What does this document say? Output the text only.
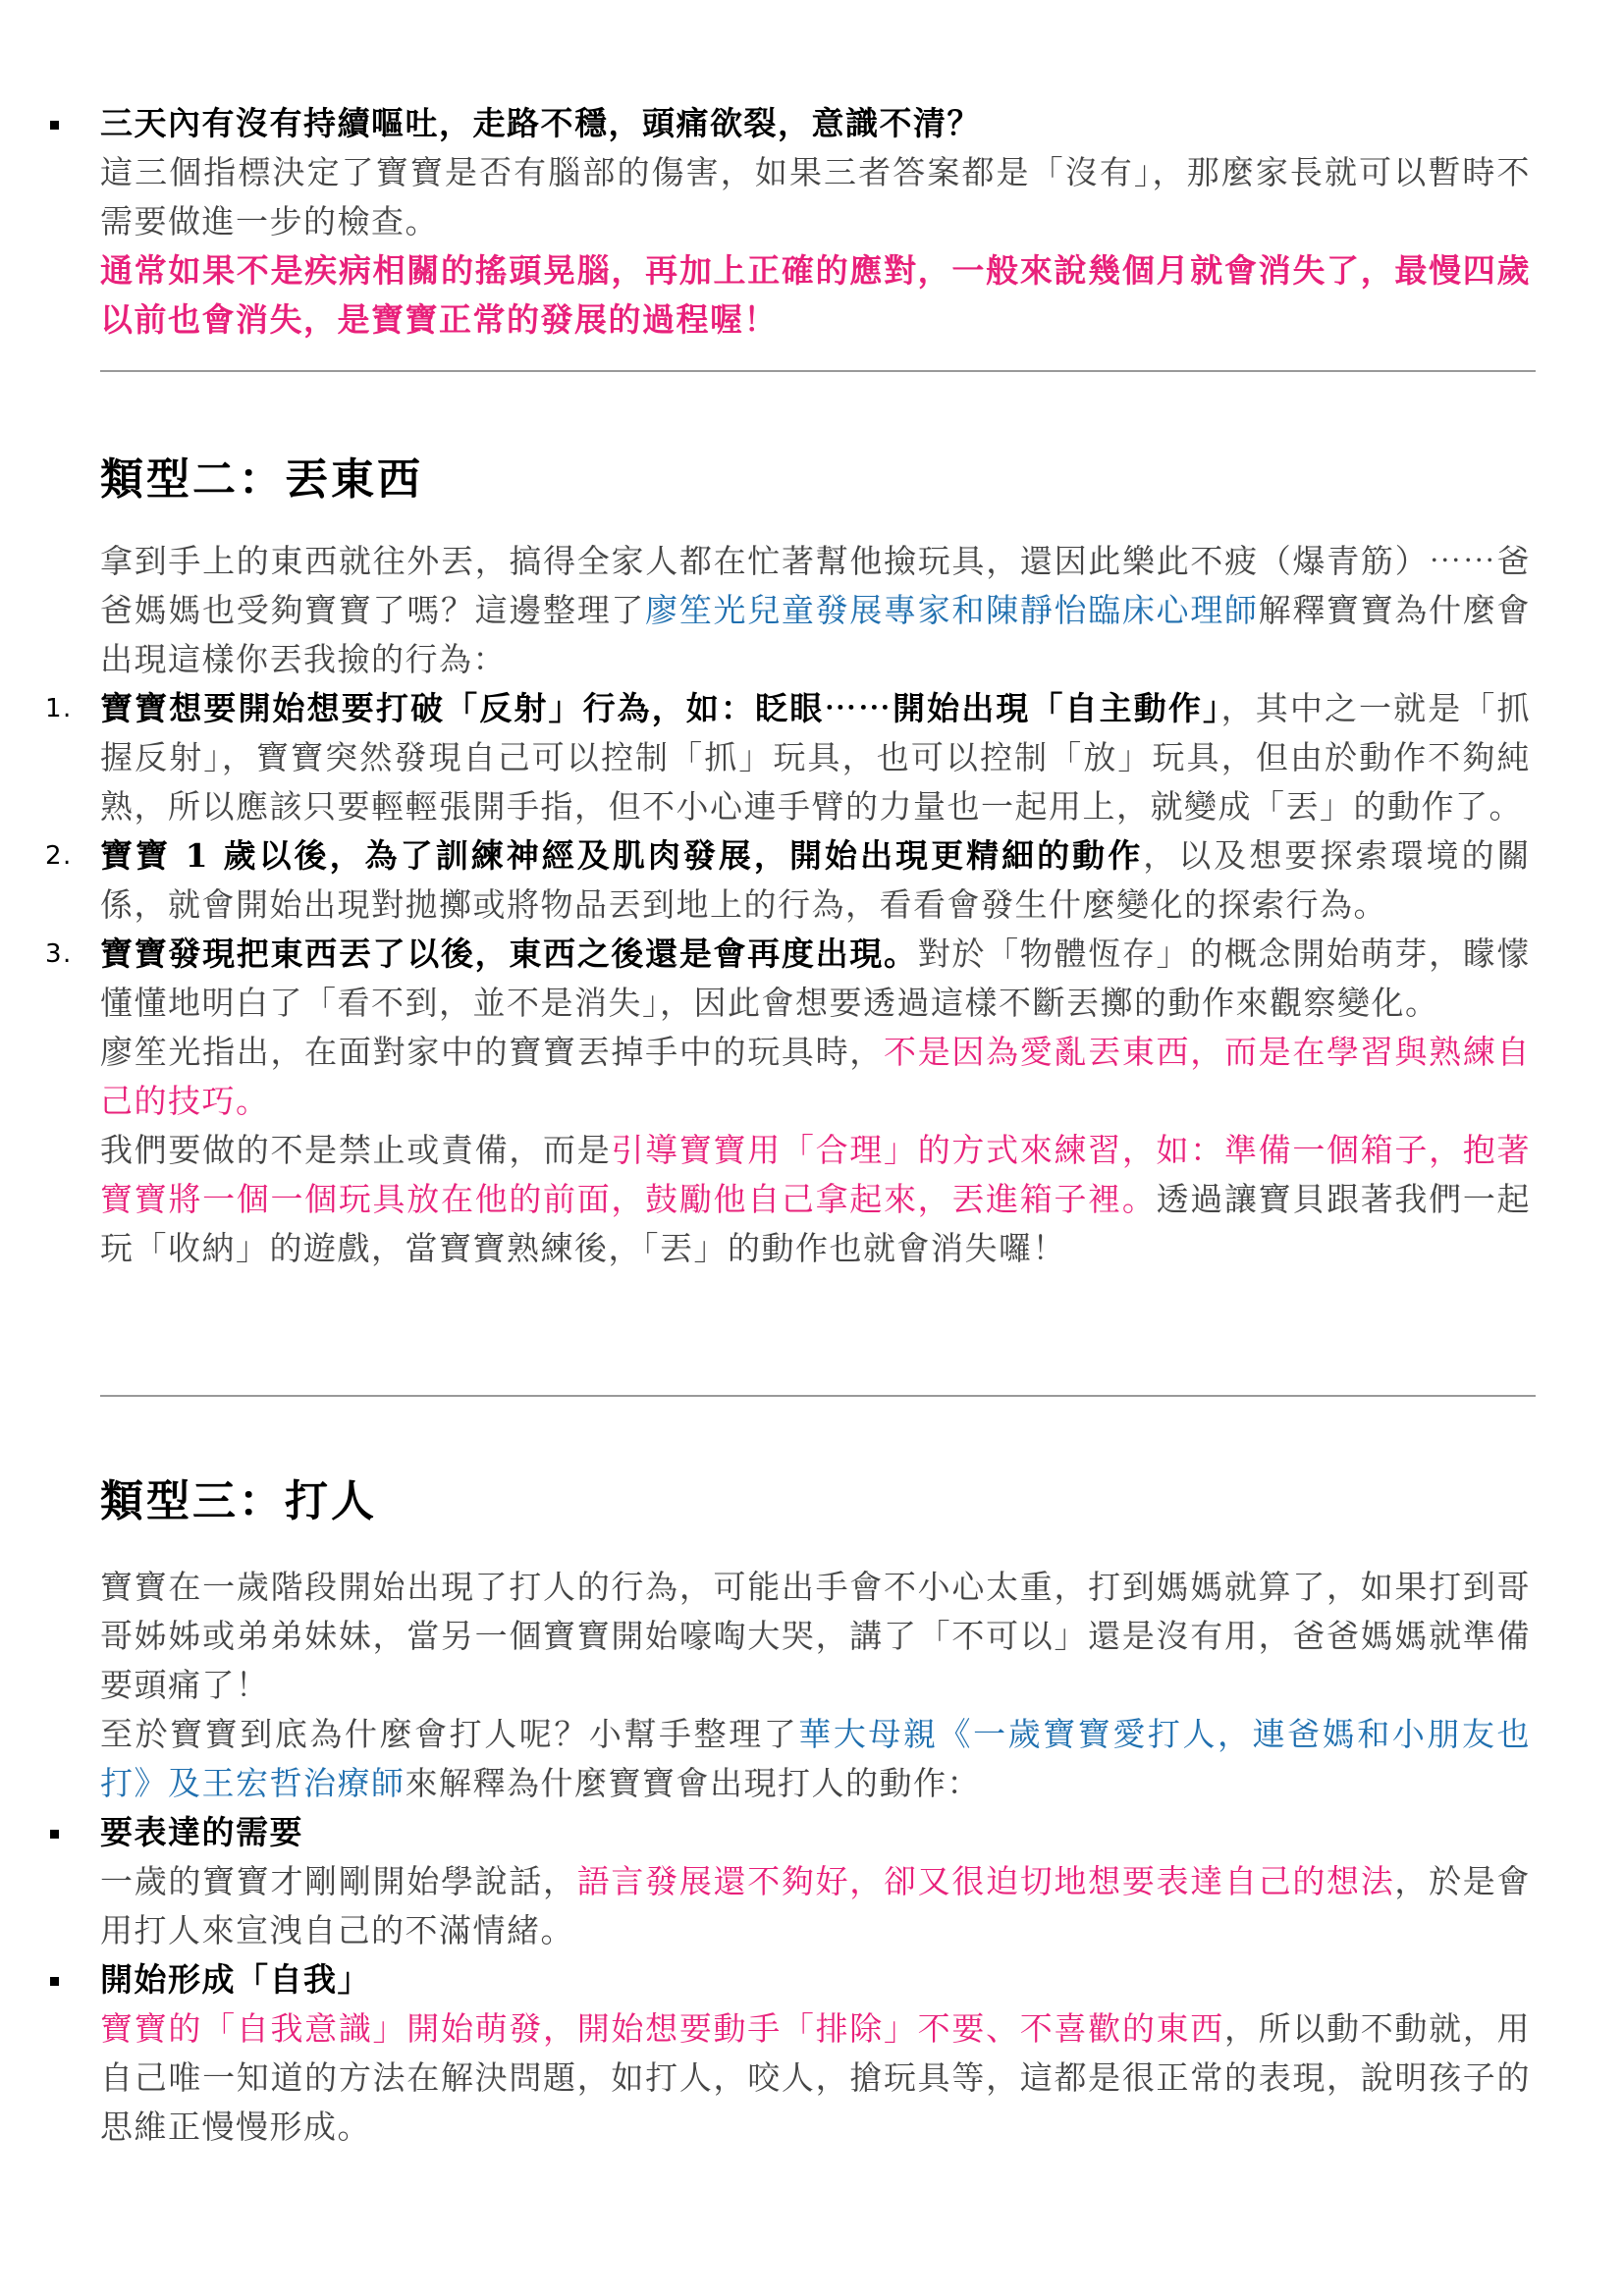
三天內有沒有持續嘔吐，走路不穩，頭痛欲裂，意識不清？

這三個指標決定了寶寶是否有腦部的傷害，如果三者答案都是「沒有」，那麼家長就可以暫時不需要做進一步的檢查。

通常如果不是疾病相關的搖頭晃腦，再加上正確的應對，一般來說幾個月就會消失了，最慢四歲以前也會消失，是寶寶正常的發展的過程喔！

類型二：丟東西

拿到手上的東西就往外丟，搞得全家人都在忙著幫他撿玩具，還因此樂此不疲（爆青筋）⋯⋯爸爸媽媽也受夠寶寶了嗎？這邊整理了廖笙光兒童發展專家和陳靜怡臨床心理師解釋寶寶為什麼會出現這樣你丟我撿的行為：

1. 寶寶想要開始想要打破「反射」行為，如：眨眼⋯⋯開始出現「自主動作」，其中之一就是「抓握反射」，寶寶突然發現自己可以控制「抓」玩具，也可以控制「放」玩具，但由於動作不夠純熟，所以應該只要輕輕張開手指，但不小心連手臂的力量也一起用上，就變成「丟」的動作了。

2. 寶寶 1 歲以後，為了訓練神經及肌肉發展，開始出現更精細的動作，以及想要探索環境的關係，就會開始出現對拋擲或將物品丟到地上的行為，看看會發生什麼變化的探索行為。

3. 寶寶發現把東西丟了以後，東西之後還是會再度出現。對於「物體恆存」的概念開始萌芽，矇懞懂懂地明白了「看不到，並不是消失」，因此會想要透過這樣不斷丟擲的動作來觀察變化。

廖笙光指出，在面對家中的寶寶丟掉手中的玩具時，不是因為愛亂丟東西，而是在學習與熟練自己的技巧。

我們要做的不是禁止或責備，而是引導寶寶用「合理」的方式來練習，如：準備一個箱子，抱著寶寶將一個一個玩具放在他的前面，鼓勵他自己拿起來，丟進箱子裡。透過讓寶貝跟著我們一起玩「收納」的遊戲，當寶寶熟練後，「丟」的動作也就會消失囉！

類型三：打人

寶寶在一歲階段開始出現了打人的行為，可能出手會不小心太重，打到媽媽就算了，如果打到哥哥姊姊或弟弟妹妹，當另一個寶寶開始嚎啕大哭，講了「不可以」還是沒有用，爸爸媽媽就準備要頭痛了！

至於寶寶到底為什麼會打人呢？小幫手整理了華大母親《一歲寶寶愛打人，連爸媽和小朋友也打》及王宏哲治療師來解釋為什麼寶寶會出現打人的動作：

要表達的需要

一歲的寶寶才剛剛開始學說話，語言發展還不夠好，卻又很迫切地想要表達自己的想法，於是會用打人來宣洩自己的不滿情緒。

開始形成「自我」

寶寶的「自我意識」開始萌發，開始想要動手「排除」不要、不喜歡的東西，所以動不動就，用自己唯一知道的方法在解決問題，如打人，咬人，搶玩具等，這都是很正常的表現，說明孩子的思維正慢慢形成。
